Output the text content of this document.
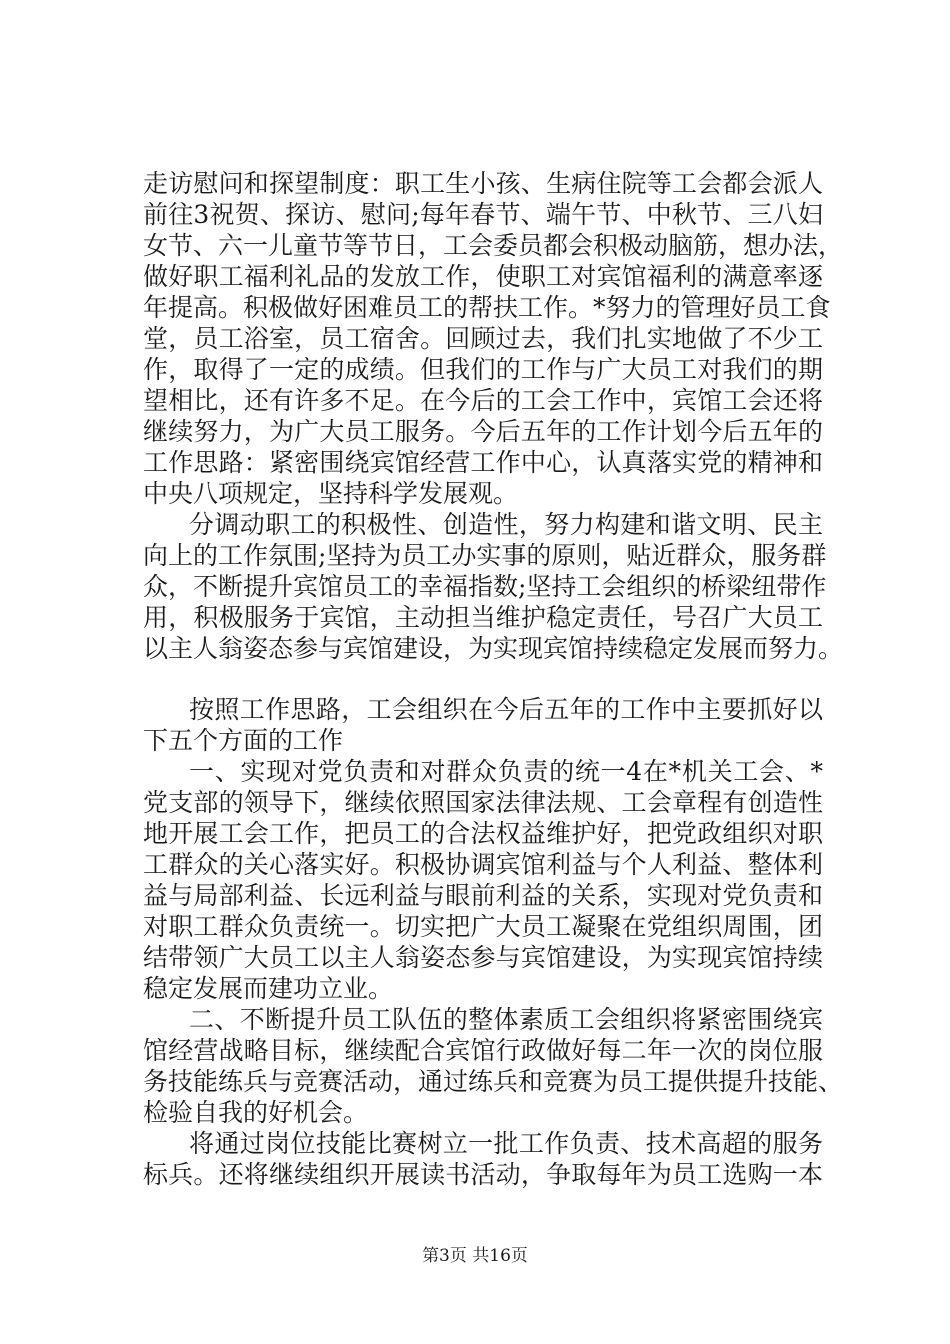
走访慰问和探望制度：职工生小孩、生病住院等工会都会派人
前往3祝贺、探访、慰问;每年春节、端午节、中秋节、三八妇
女节、六一儿童节等节日，工会委员都会积极动脑筋，想办法，
做好职工福利礼品的发放工作，使职工对宾馆福利的满意率逐
年提高。积极做好困难员工的帮扶工作。*努力的管理好员工食
堂，员工浴室，员工宿舍。回顾过去，我们扎实地做了不少工
作，取得了一定的成绩。但我们的工作与广大员工对我们的期
望相比，还有许多不足。在今后的工会工作中，宾馆工会还将
继续努力，为广大员工服务。今后五年的工作计划今后五年的
工作思路：紧密围绕宾馆经营工作中心，认真落实党的精神和
中央八项规定，坚持科学发展观。
分调动职工的积极性、创造性，努力构建和谐文明、民主
向上的工作氛围;坚持为员工办实事的原则，贴近群众，服务群
众，不断提升宾馆员工的幸福指数;坚持工会组织的桥梁纽带作
用，积极服务于宾馆，主动担当维护稳定责任，号召广大员工
以主人翁姿态参与宾馆建设，为实现宾馆持续稳定发展而努力。
按照工作思路，工会组织在今后五年的工作中主要抓好以
下五个方面的工作
一、实现对党负责和对群众负责的统一4在*机关工会、*
党支部的领导下，继续依照国家法律法规、工会章程有创造性
地开展工会工作，把员工的合法权益维护好，把党政组织对职
工群众的关心落实好。积极协调宾馆利益与个人利益、整体利
益与局部利益、长远利益与眼前利益的关系，实现对党负责和
对职工群众负责统一。切实把广大员工凝聚在党组织周围，团
结带领广大员工以主人翁姿态参与宾馆建设，为实现宾馆持续
稳定发展而建功立业。
二、不断提升员工队伍的整体素质工会组织将紧密围绕宾
馆经营战略目标，继续配合宾馆行政做好每二年一次的岗位服
务技能练兵与竞赛活动，通过练兵和竞赛为员工提供提升技能、
检验自我的好机会。
将通过岗位技能比赛树立一批工作负责、技术高超的服务
标兵。还将继续组织开展读书活动，争取每年为员工选购一本
第3页 共16页
